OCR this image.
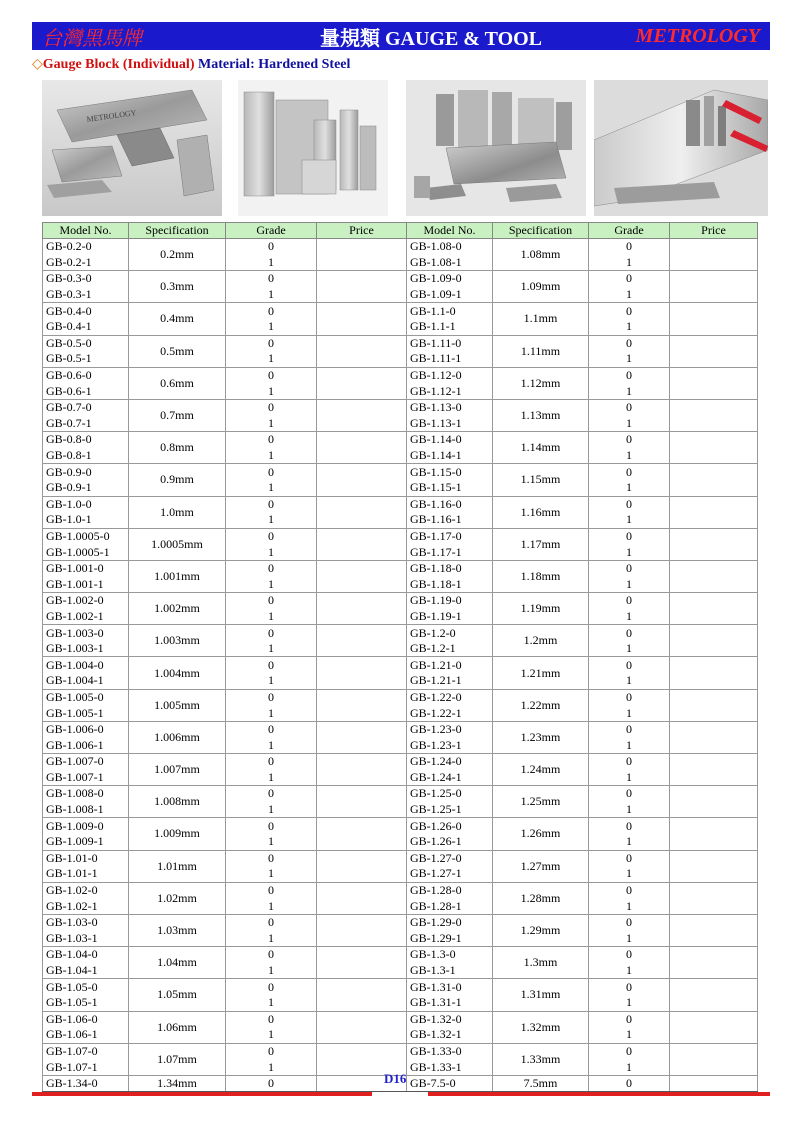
台灣黑馬牌	量規類 GAUGE & TOOL	METROLOGY
◇Gauge Block (Individual) Material: Hardened Steel
METROLOGY
Model No.	Specification	Grade	Price	Model No.	Specification	Grade	Price
GB-0.2-0	0.2mm	0		GB-1.08-0	1.08mm	0	
GB-0.2-1		1		GB-1.08-1		1	
GB-0.3-0	0.3mm	0		GB-1.09-0	1.09mm	0	
GB-0.3-1		1		GB-1.09-1		1	
GB-0.4-0	0.4mm	0		GB-1.1-0	1.1mm	0	
GB-0.4-1		1		GB-1.1-1		1	
GB-0.5-0	0.5mm	0		GB-1.11-0	1.11mm	0	
GB-0.5-1		1		GB-1.11-1		1	
GB-0.6-0	0.6mm	0		GB-1.12-0	1.12mm	0	
GB-0.6-1		1		GB-1.12-1		1	
GB-0.7-0	0.7mm	0		GB-1.13-0	1.13mm	0	
GB-0.7-1		1		GB-1.13-1		1	
GB-0.8-0	0.8mm	0		GB-1.14-0	1.14mm	0	
GB-0.8-1		1		GB-1.14-1		1	
GB-0.9-0	0.9mm	0		GB-1.15-0	1.15mm	0	
GB-0.9-1		1		GB-1.15-1		1	
GB-1.0-0	1.0mm	0		GB-1.16-0	1.16mm	0	
GB-1.0-1		1		GB-1.16-1		1	
GB-1.0005-0	1.0005mm	0		GB-1.17-0	1.17mm	0	
GB-1.0005-1		1		GB-1.17-1		1	
GB-1.001-0	1.001mm	0		GB-1.18-0	1.18mm	0	
GB-1.001-1		1		GB-1.18-1		1	
GB-1.002-0	1.002mm	0		GB-1.19-0	1.19mm	0	
GB-1.002-1		1		GB-1.19-1		1	
GB-1.003-0	1.003mm	0		GB-1.2-0	1.2mm	0	
GB-1.003-1		1		GB-1.2-1		1	
GB-1.004-0	1.004mm	0		GB-1.21-0	1.21mm	0	
GB-1.004-1		1		GB-1.21-1		1	
GB-1.005-0	1.005mm	0		GB-1.22-0	1.22mm	0	
GB-1.005-1		1		GB-1.22-1		1	
GB-1.006-0	1.006mm	0		GB-1.23-0	1.23mm	0	
GB-1.006-1		1		GB-1.23-1		1	
GB-1.007-0	1.007mm	0		GB-1.24-0	1.24mm	0	
GB-1.007-1		1		GB-1.24-1		1	
GB-1.008-0	1.008mm	0		GB-1.25-0	1.25mm	0	
GB-1.008-1		1		GB-1.25-1		1	
GB-1.009-0	1.009mm	0		GB-1.26-0	1.26mm	0	
GB-1.009-1		1		GB-1.26-1		1	
GB-1.01-0	1.01mm	0		GB-1.27-0	1.27mm	0	
GB-1.01-1		1		GB-1.27-1		1	
GB-1.02-0	1.02mm	0		GB-1.28-0	1.28mm	0	
GB-1.02-1		1		GB-1.28-1		1	
GB-1.03-0	1.03mm	0		GB-1.29-0	1.29mm	0	
GB-1.03-1		1		GB-1.29-1		1	
GB-1.04-0	1.04mm	0		GB-1.3-0	1.3mm	0	
GB-1.04-1		1		GB-1.3-1		1	
GB-1.05-0	1.05mm	0		GB-1.31-0	1.31mm	0	
GB-1.05-1		1		GB-1.31-1		1	
GB-1.06-0	1.06mm	0		GB-1.32-0	1.32mm	0	
GB-1.06-1		1		GB-1.32-1		1	
GB-1.07-0	1.07mm	0		GB-1.33-0	1.33mm	0	
GB-1.07-1		1		GB-1.33-1		1	
GB-1.34-0	1.34mm	0		GB-7.5-0	7.5mm	0	
D16
